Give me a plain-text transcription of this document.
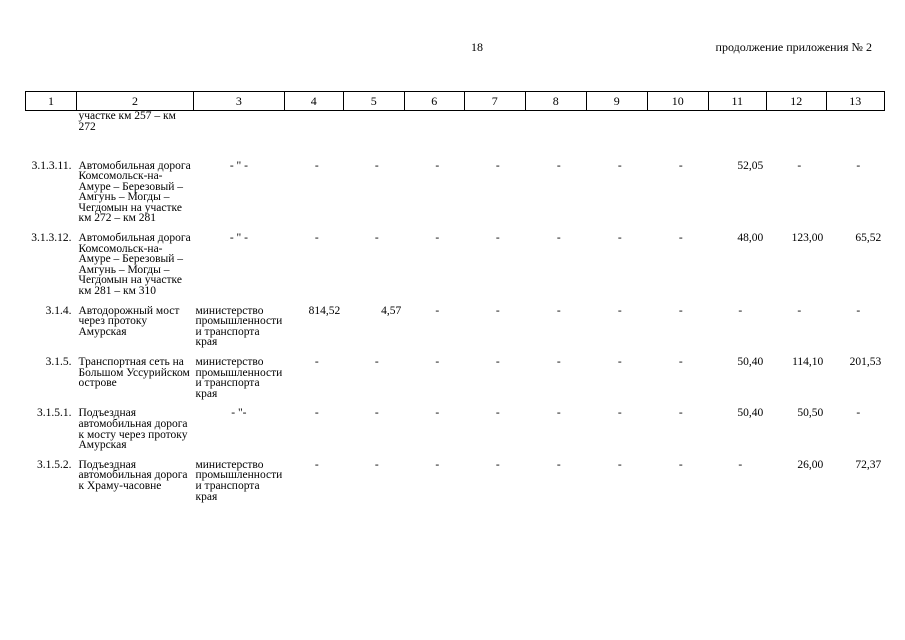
18	продолжение приложения № 2
1	2	3	4	5	6	7	8	9	10	11	12	13
	участке км 257 – км 272											
3.1.3.11.	Автомобильная дорога Комсомольск-на-Амуре – Березовый – Амгунь – Могды – Чегдомын на участке км 272 – км 281	- " -	-	-	-	-	-	-	-	52,05	-	-
3.1.3.12.	Автомобильная дорога Комсомольск-на-Амуре – Березовый – Амгунь – Могды – Чегдомын на участке км 281 – км 310	- " -	-	-	-	-	-	-	-	48,00	123,00	65,52
3.1.4.	Автодорожный мост через протоку Амурская	министерство промышленности и транспорта края	814,52	4,57	-	-	-	-	-	-	-	-
3.1.5.	Транспортная сеть на Большом Уссурийском острове	министерство промышленности и транспорта края	-	-	-	-	-	-	-	50,40	114,10	201,53
3.1.5.1.	Подъездная автомобильная дорога к мосту через протоку Амурская	- "-	-	-	-	-	-	-	-	50,40	50,50	-
3.1.5.2.	Подъездная автомобильная дорога к Храму-часовне	министерство промышленности и транспорта края	-	-	-	-	-	-	-	-	26,00	72,37
